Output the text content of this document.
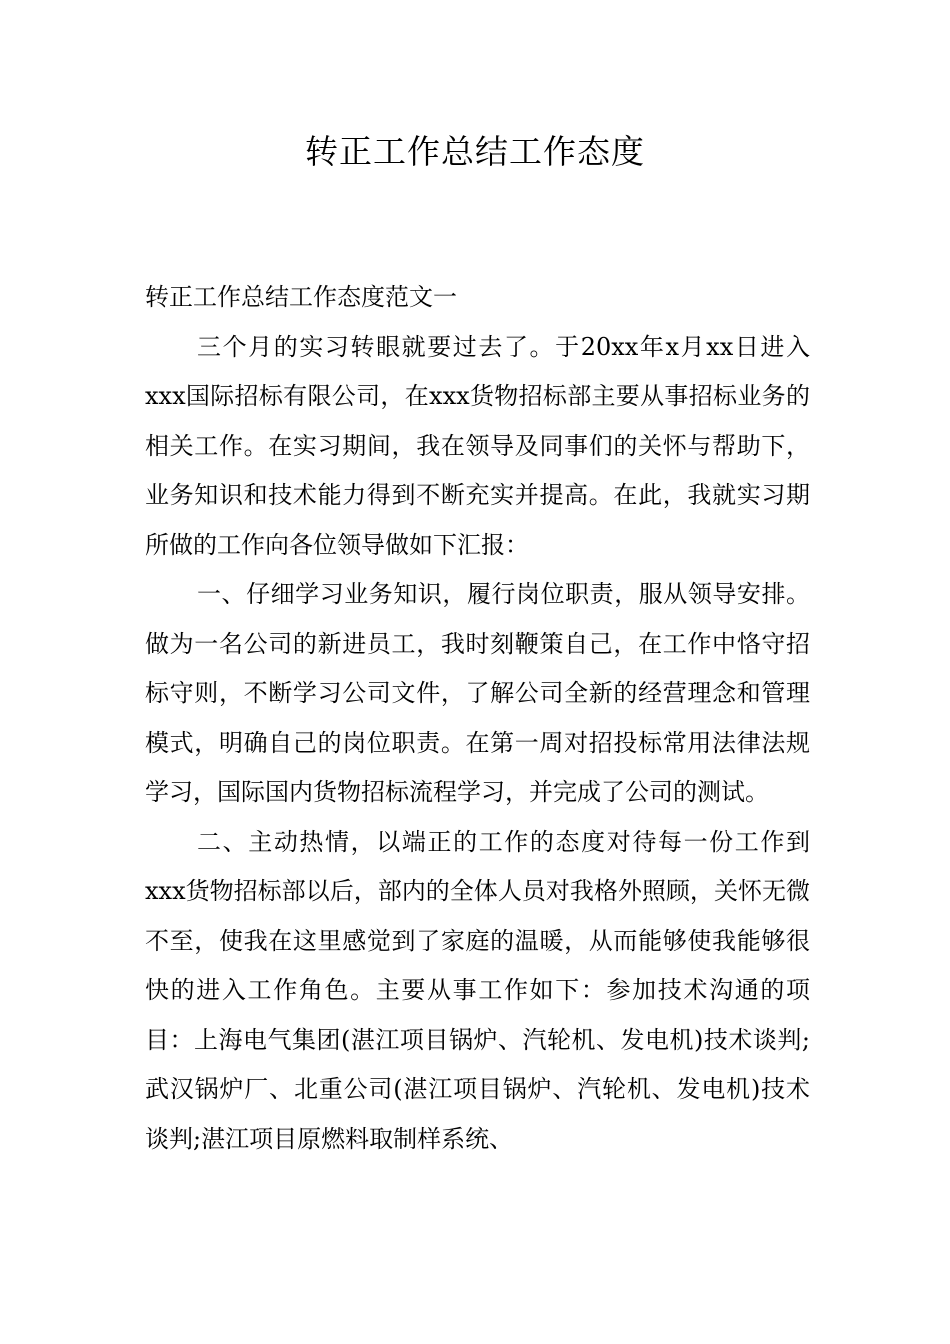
转正工作总结工作态度

转正工作总结工作态度范文一

三个月的实习转眼就要过去了。于20xx年x月xx日进入xxx国际招标有限公司，在xxx货物招标部主要从事招标业务的相关工作。在实习期间，我在领导及同事们的关怀与帮助下，业务知识和技术能力得到不断充实并提高。在此，我就实习期所做的工作向各位领导做如下汇报：

一、仔细学习业务知识，履行岗位职责，服从领导安排。做为一名公司的新进员工，我时刻鞭策自己，在工作中恪守招标守则，不断学习公司文件，了解公司全新的经营理念和管理模式，明确自己的岗位职责。在第一周对招投标常用法律法规学习，国际国内货物招标流程学习，并完成了公司的测试。

二、主动热情，以端正的工作的态度对待每一份工作到xxx货物招标部以后，部内的全体人员对我格外照顾，关怀无微不至，使我在这里感觉到了家庭的温暖，从而能够使我能够很快的进入工作角色。主要从事工作如下：参加技术沟通的项目：上海电气集团(湛江项目锅炉、汽轮机、发电机)技术谈判;武汉锅炉厂、北重公司(湛江项目锅炉、汽轮机、发电机)技术谈判;湛江项目原燃料取制样系统、
